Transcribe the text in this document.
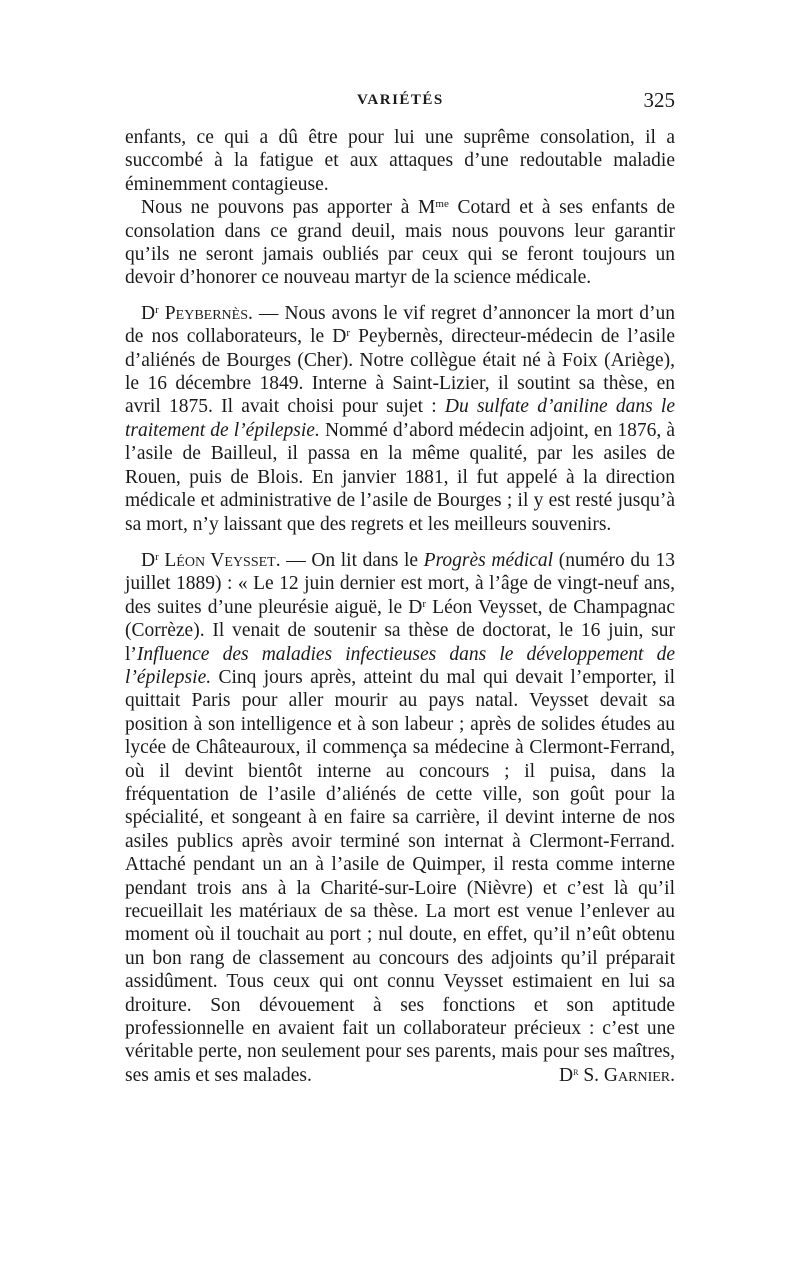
VARIÉTÉS	325

enfants, ce qui a dû être pour lui une suprême consolation, il a succombé à la fatigue et aux attaques d’une redoutable maladie éminemment contagieuse.

Nous ne pouvons pas apporter à $M^{me}$ Cotard et à ses enfants de consolation dans ce grand deuil, mais nous pouvons leur garantir qu’ils ne seront jamais oubliés par ceux qui se feront toujours un devoir d’honorer ce nouveau martyr de la science médicale.

$D^r$ Peybernès. — Nous avons le vif regret d’annoncer la mort d’un de nos collaborateurs, le $D^r$ Peybernès, directeur-médecin de l’asile d’aliénés de Bourges (Cher). Notre collègue était né à Foix (Ariège), le 16 décembre 1849. Interne à Saint-Lizier, il soutint sa thèse, en avril 1875. Il avait choisi pour sujet : Du sulfate d’aniline dans le traitement de l’épilepsie. Nommé d’abord médecin adjoint, en 1876, à l’asile de Bailleul, il passa en la même qualité, par les asiles de Rouen, puis de Blois. En janvier 1881, il fut appelé à la direction médicale et administrative de l’asile de Bourges ; il y est resté jusqu’à sa mort, n’y laissant que des regrets et les meilleurs souvenirs.

$D^r$ Léon Veysset. — On lit dans le Progrès médical (numéro du 13 juillet 1889) : « Le 12 juin dernier est mort, à l’âge de vingt-neuf ans, des suites d’une pleurésie aiguë, le $D^r$ Léon Veysset, de Champagnac (Corrèze). Il venait de soutenir sa thèse de doctorat, le 16 juin, sur l’Influence des maladies infectieuses dans le développement de l’épilepsie. Cinq jours après, atteint du mal qui devait l’emporter, il quittait Paris pour aller mourir au pays natal. Veysset devait sa position à son intelligence et à son labeur ; après de solides études au lycée de Châteauroux, il commença sa médecine à Clermont-Ferrand, où il devint bientôt interne au concours ; il puisa, dans la fréquentation de l’asile d’aliénés de cette ville, son goût pour la spécialité, et songeant à en faire sa carrière, il devint interne de nos asiles publics après avoir terminé son internat à Clermont-Ferrand. Attaché pendant un an à l’asile de Quimper, il resta comme interne pendant trois ans à la Charité-sur-Loire (Nièvre) et c’est là qu’il recueillait les matériaux de sa thèse. La mort est venue l’enlever au moment où il touchait au port ; nul doute, en effet, qu’il n’eût obtenu un bon rang de classement au concours des adjoints qu’il préparait assidûment. Tous ceux qui ont connu Veysset estimaient en lui sa droiture. Son dévouement à ses fonctions et son aptitude professionnelle en avaient fait un collaborateur précieux : c’est une véritable perte, non seulement pour ses parents, mais pour ses maîtres, ses amis et ses malades.	$D^r$ S. Garnier.
